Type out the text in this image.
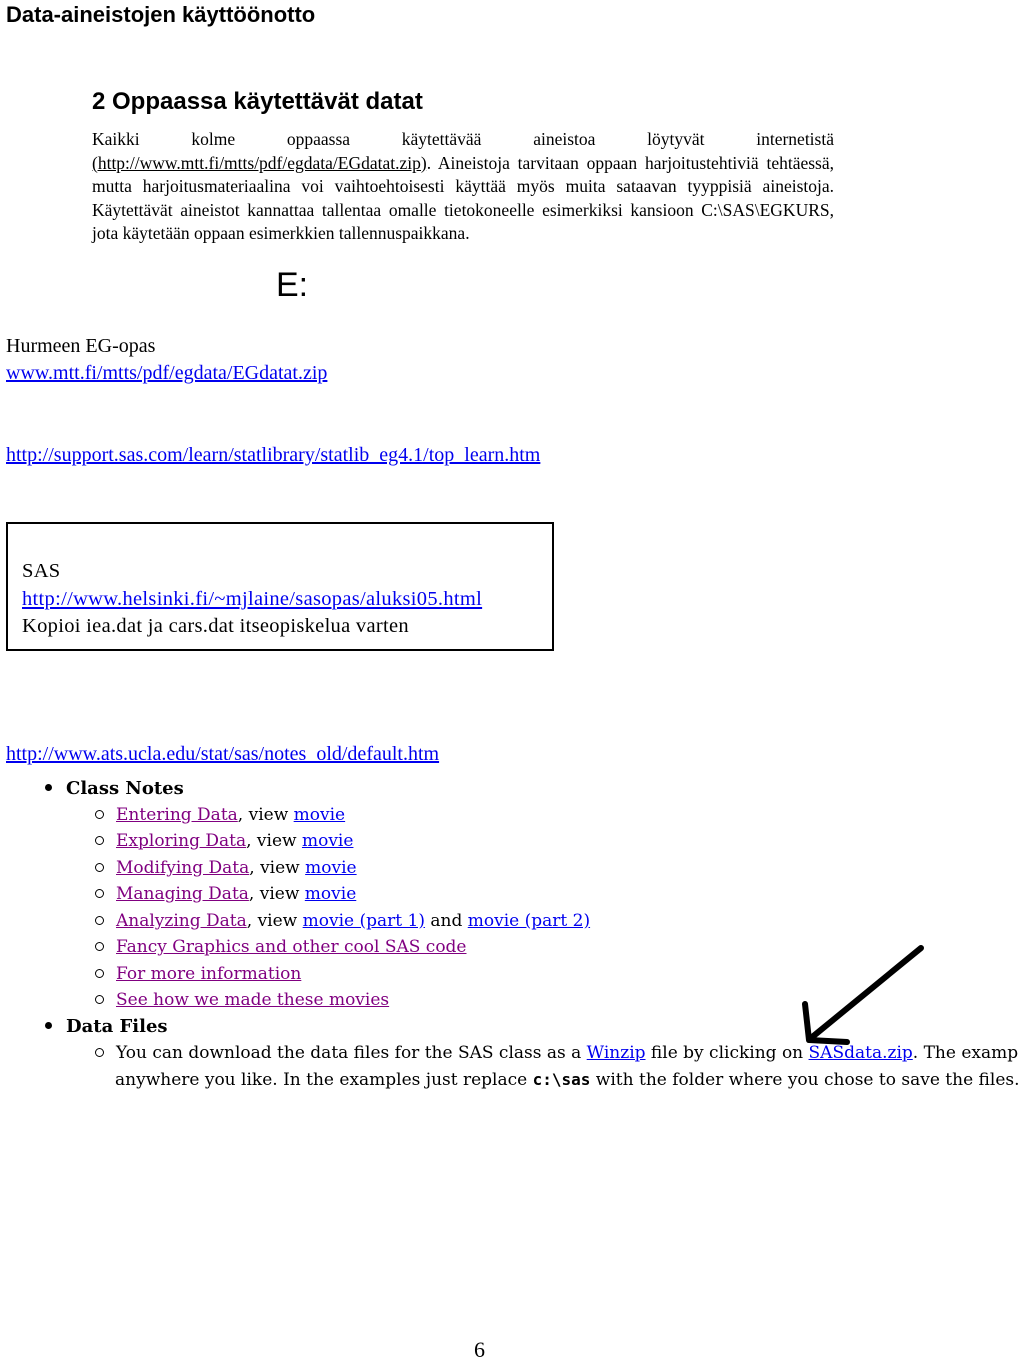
Data-aineistojen käyttöönotto
2 Oppaassa käytettävät datat

Kaikki kolme oppaassa käytettävää aineistoa löytyvät internetistä (http://www.mtt.fi/mtts/pdf/egdata/EGdatat.zip). Aineistoja tarvitaan oppaan harjoitustehtiviä tehtäessä, mutta harjoitusmateriaalina voi vaihtoehtoisesti käyttää myös muita sataavan tyyppisiä aineistoja. Käytettävät aineistot kannattaa tallentaa omalle tietokoneelle esimerkiksi kansioon C:\SAS\EGKURS, jota käytetään oppaan esimerkkien tallennuspaikkana.

E:
Hurmeen EG-opas
www.mtt.fi/mtts/pdf/egdata/EGdatat.zip
http://support.sas.com/learn/statlibrary/statlib_eg4.1/top_learn.htm
SAS
http://www.helsinki.fi/~mjlaine/sasopas/aluksi05.html
Kopioi iea.dat ja cars.dat itseopiskelua varten
http://www.ats.ucla.edu/stat/sas/notes_old/default.htm
Class Notes
Entering Data, view movie
Exploring Data, view movie
Modifying Data, view movie
Managing Data, view movie
Analyzing Data, view movie (part 1) and movie (part 2)
Fancy Graphics and other cool SAS code
For more information
See how we made these movies
Data Files
You can download the data files for the SAS class as a Winzip file by clicking on SASdata.zip. The examp
anywhere you like. In the examples just replace c:\sas with the folder where you chose to save the files.
6
